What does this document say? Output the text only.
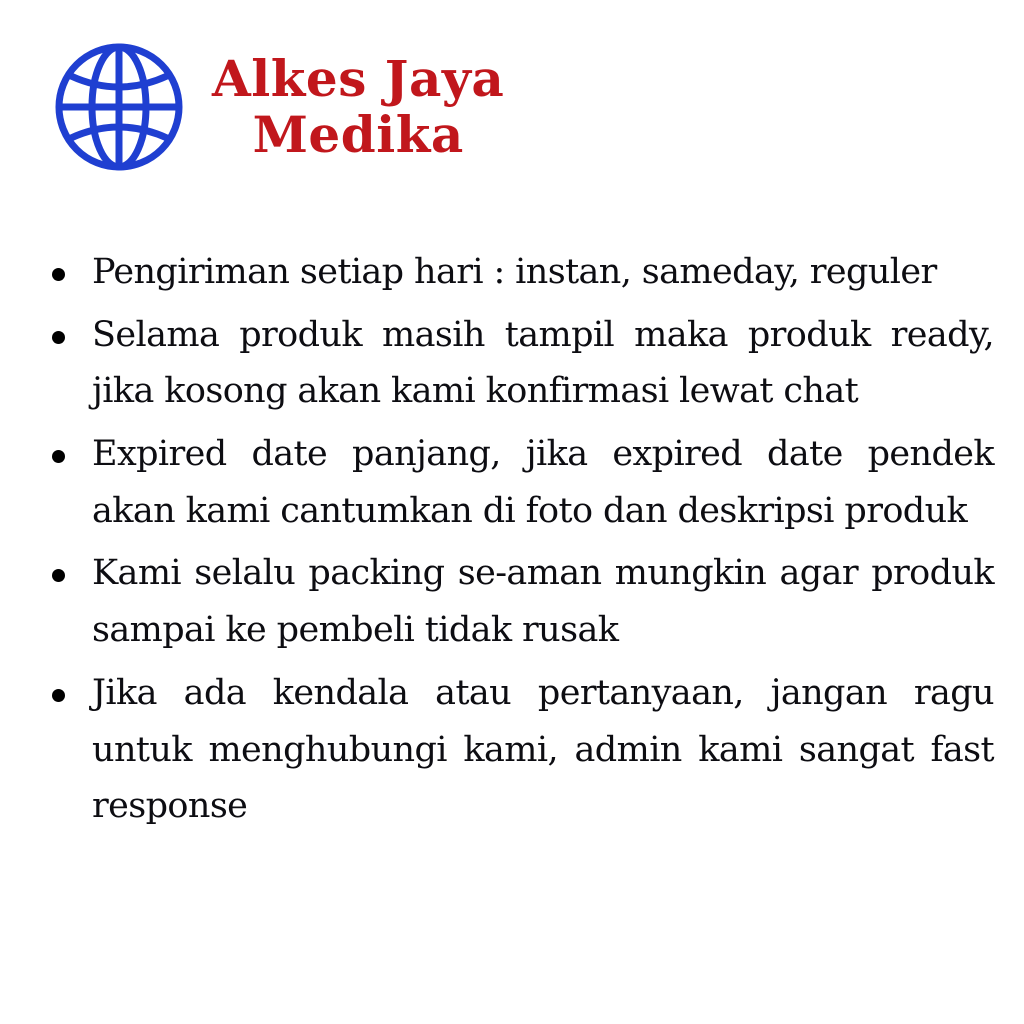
Alkes Jaya
Medika
Pengiriman setiap hari : instan, sameday, reguler
Selama produk masih tampil maka produk ready, jika kosong akan kami konfirmasi lewat chat
Expired date panjang, jika expired date pendek akan kami cantumkan di foto dan deskripsi produk
Kami selalu packing se-aman mungkin agar produk sampai ke pembeli tidak rusak
Jika ada kendala atau pertanyaan, jangan ragu untuk menghubungi kami, admin kami sangat fast response
